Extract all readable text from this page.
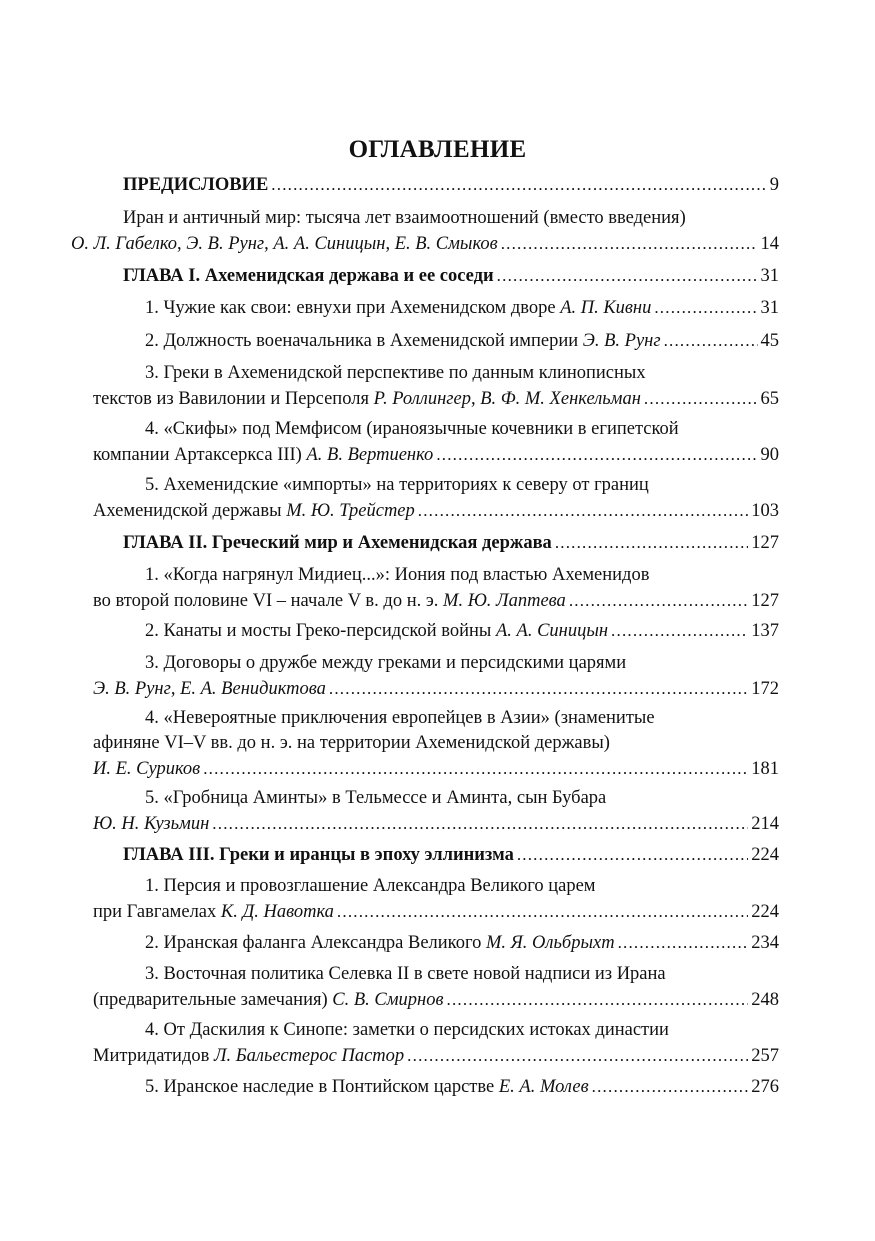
ОГЛАВЛЕНИЕ
ПРЕДИСЛОВИЕ .....	9
Иран и античный мир: тысяча лет взаимоотношений (вместо введения)
О. Л. Габелко, Э. В. Рунг, А. А. Синицын, Е. В. Смыков .....	14
ГЛАВА I. Ахеменидская держава и ее соседи .....	31
1. Чужие как свои: евнухи при Ахеменидском дворе А. П. Кивни .....	31
2. Должность военачальника в Ахеменидской империи Э. В. Рунг .....	45
3. Греки в Ахеменидской перспективе по данным клинописных
текстов из Вавилонии и Персеполя Р. Роллингер, В. Ф. М. Хенкельман .....	65
4. «Скифы» под Мемфисом (ираноязычные кочевники в египетской
компании Артаксеркса III) А. В. Вертиенко .....	90
5. Ахеменидские «импорты» на территориях к северу от границ
Ахеменидской державы М. Ю. Трейстер .....	103
ГЛАВА II. Греческий мир и Ахеменидская держава .....	127
1. «Когда нагрянул Мидиец...»: Иония под властью Ахеменидов
во второй половине VI – начале V в. до н. э. М. Ю. Лаптева .....	127
2. Канаты и мосты Греко-персидской войны А. А. Синицын .....	137
3. Договоры о дружбе между греками и персидскими царями
Э. В. Рунг, Е. А. Венидиктова .....	172
4. «Невероятные приключения европейцев в Азии» (знаменитые
афиняне VI–V вв. до н. э. на территории Ахеменидской державы)
И. Е. Суриков .....	181
5. «Гробница Аминты» в Тельмессе и Аминта, сын Бубара
Ю. Н. Кузьмин .....	214
ГЛАВА III. Греки и иранцы в эпоху эллинизма .....	224
1. Персия и провозглашение Александра Великого царем
при Гавгамелах К. Д. Навотка .....	224
2. Иранская фаланга Александра Великого М. Я. Ольбрыхт .....	234
3. Восточная политика Селевка II в свете новой надписи из Ирана
(предварительные замечания) С. В. Смирнов .....	248
4. От Даскилия к Синопе: заметки о персидских истоках династии
Митридатидов Л. Бальестерос Пастор .....	257
5. Иранское наследие в Понтийском царстве Е. А. Молев .....	276
